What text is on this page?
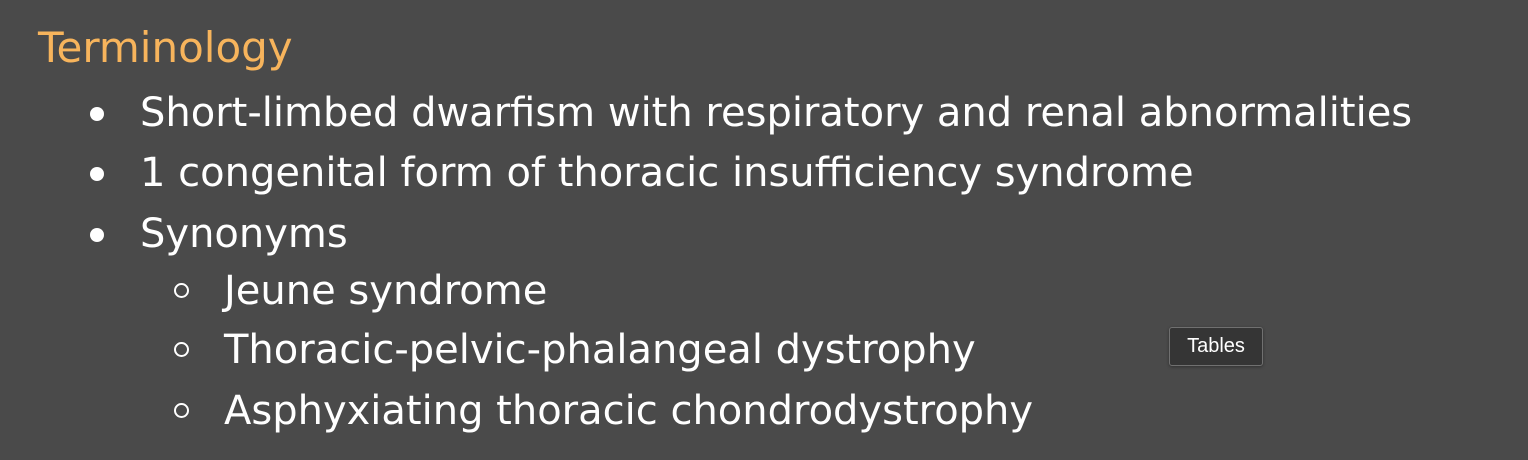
Terminology
Short-limbed dwarfism with respiratory and renal abnormalities
1 congenital form of thoracic insufficiency syndrome
Synonyms
Jeune syndrome
Thoracic-pelvic-phalangeal dystrophy
Asphyxiating thoracic chondrodystrophy
Tables
